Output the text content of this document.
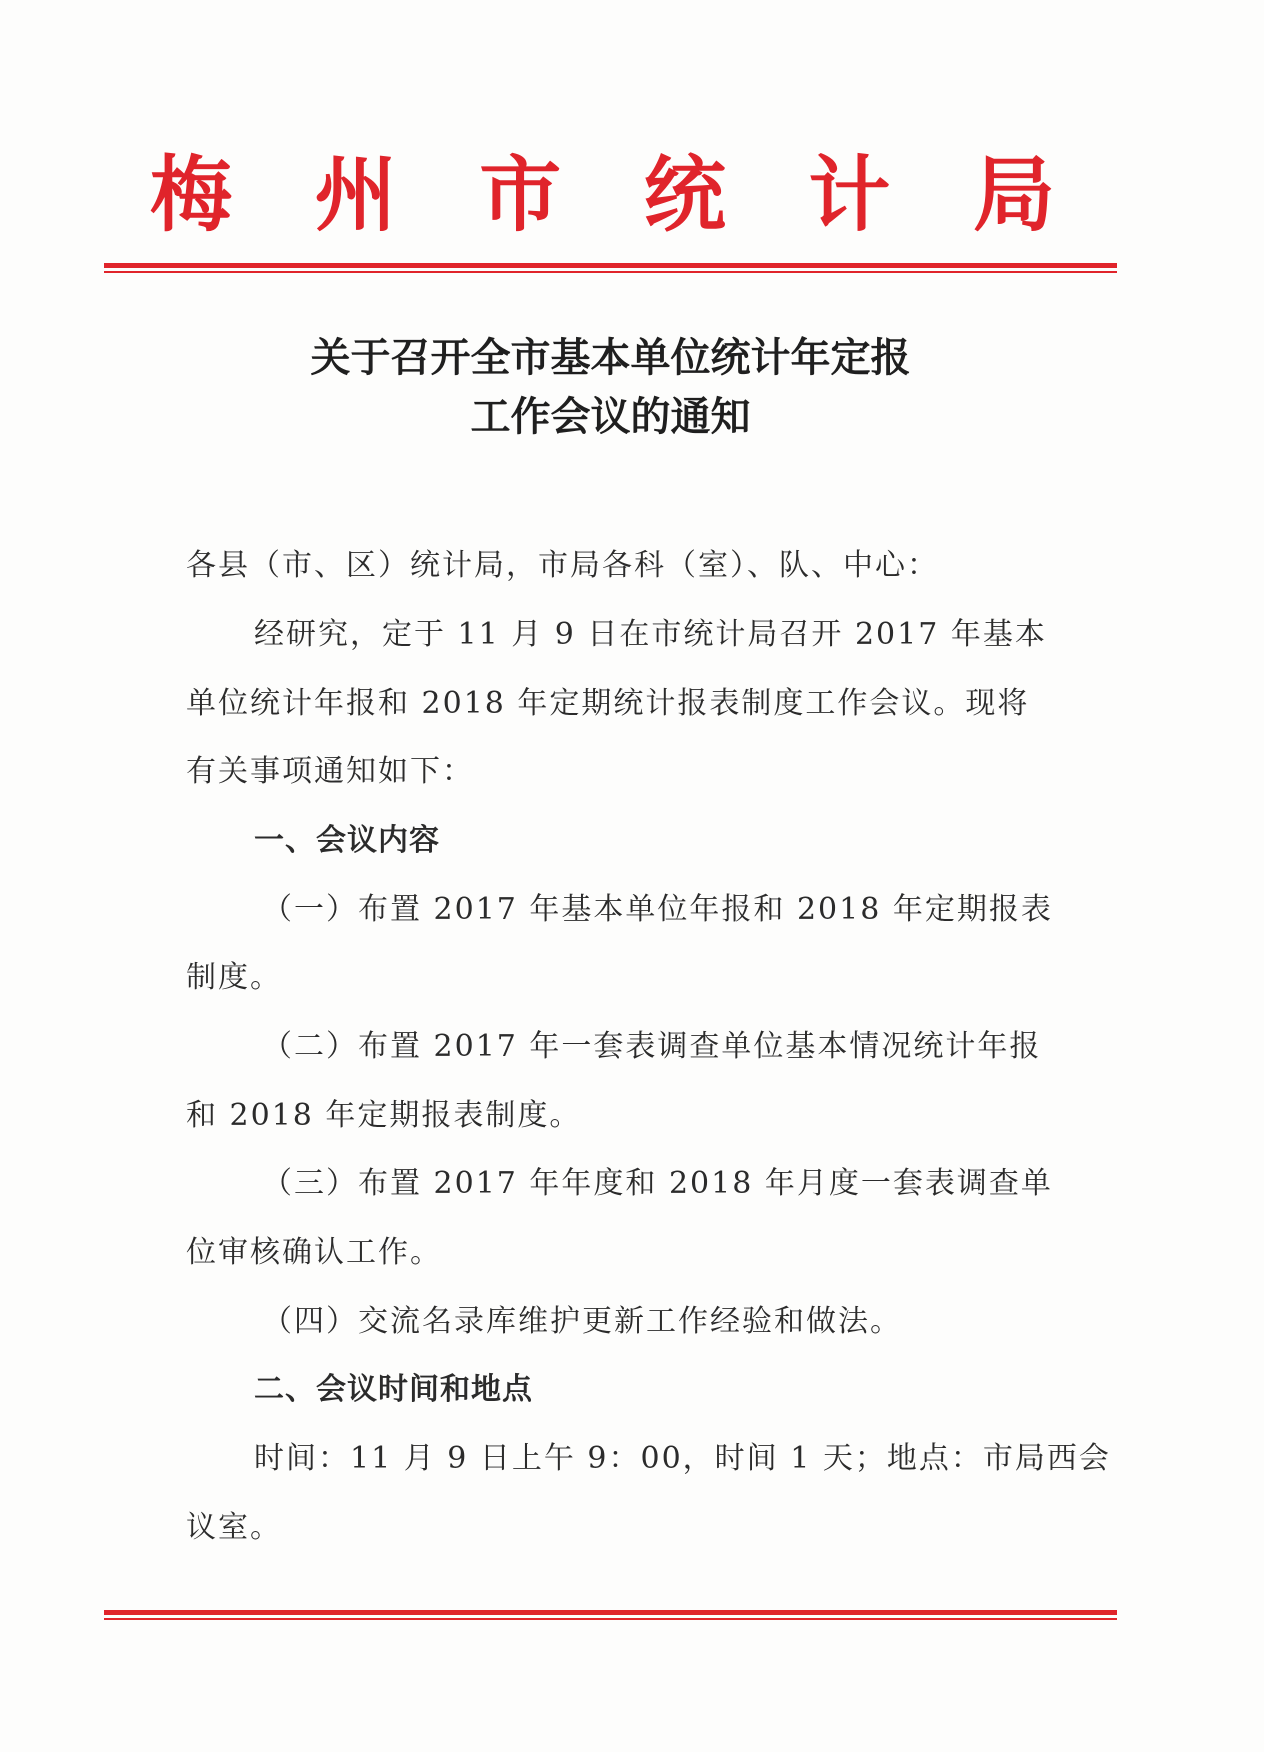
梅 州 市 统 计 局
关于召开全市基本单位统计年定报
工作会议的通知
各县（市、区）统计局，市局各科（室）、队、中心：
经研究，定于 11 月 9 日在市统计局召开 2017 年基本
单位统计年报和 2018 年定期统计报表制度工作会议。现将
有关事项通知如下：
一、会议内容
（一）布置 2017 年基本单位年报和 2018 年定期报表
制度。
（二）布置 2017 年一套表调查单位基本情况统计年报
和 2018 年定期报表制度。
（三）布置 2017 年年度和 2018 年月度一套表调查单
位审核确认工作。
（四）交流名录库维护更新工作经验和做法。
二、会议时间和地点
时间：11 月 9 日上午 9：00，时间 1 天；地点：市局西会
议室。
